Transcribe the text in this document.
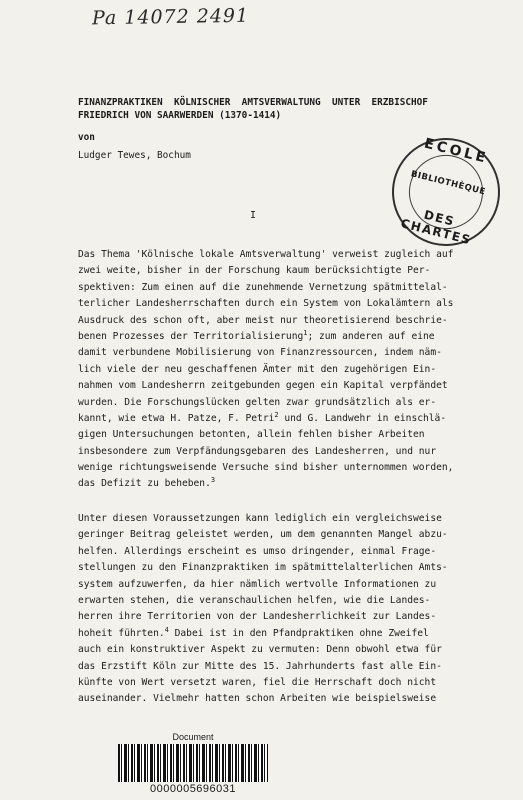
Pa 14072 2491
FINANZPRAKTIKEN  KÖLNISCHER  AMTSVERWALTUNG  UNTER  ERZBISCHOF
FRIEDRICH VON SAARWERDEN (1370-1414)
von
Ludger Tewes, Bochum	ECOLE
BIBLIOTHÈQUE
DES CHARTES
I
Das Thema 'Kölnische lokale Amtsverwaltung' verweist zugleich auf
zwei weite, bisher in der Forschung kaum berücksichtigte Per-
spektiven: Zum einen auf die zunehmende Vernetzung spätmittelal-
terlicher Landesherrschaften durch ein System von Lokalämtern als
Ausdruck des schon oft, aber meist nur theoretisierend beschrie-
benen Prozesses der Territorialisierung$^1$; zum anderen auf eine
damit verbundene Mobilisierung von Finanzressourcen, indem näm-
lich viele der neu geschaffenen Ämter mit den zugehörigen Ein-
nahmen vom Landesherrn zeitgebunden gegen ein Kapital verpfändet
wurden. Die Forschungslücken gelten zwar grundsätzlich als er-
kannt, wie etwa H. Patze, F. Petri$^2$ und G. Landwehr in einschlä-
gigen Untersuchungen betonten, allein fehlen bisher Arbeiten
insbesondere zum Verpfändungsgebaren des Landesherren, und nur
wenige richtungsweisende Versuche sind bisher unternommen worden,
das Defizit zu beheben.$^3$
Unter diesen Voraussetzungen kann lediglich ein vergleichsweise
geringer Beitrag geleistet werden, um dem genannten Mangel abzu-
helfen. Allerdings erscheint es umso dringender, einmal Frage-
stellungen zu den Finanzpraktiken im spätmittelalterlichen Amts-
system aufzuwerfen, da hier nämlich wertvolle Informationen zu
erwarten stehen, die veranschaulichen helfen, wie die Landes-
herren ihre Territorien von der Landesherrlichkeit zur Landes-
hoheit führten.$^4$ Dabei ist in den Pfandpraktiken ohne Zweifel
auch ein konstruktiver Aspekt zu vermuten: Denn obwohl etwa für
das Erzstift Köln zur Mitte des 15. Jahrhunderts fast alle Ein-
künfte von Wert versetzt waren, fiel die Herrschaft doch nicht
auseinander. Vielmehr hatten schon Arbeiten wie beispielsweise
Document
0000005696031
